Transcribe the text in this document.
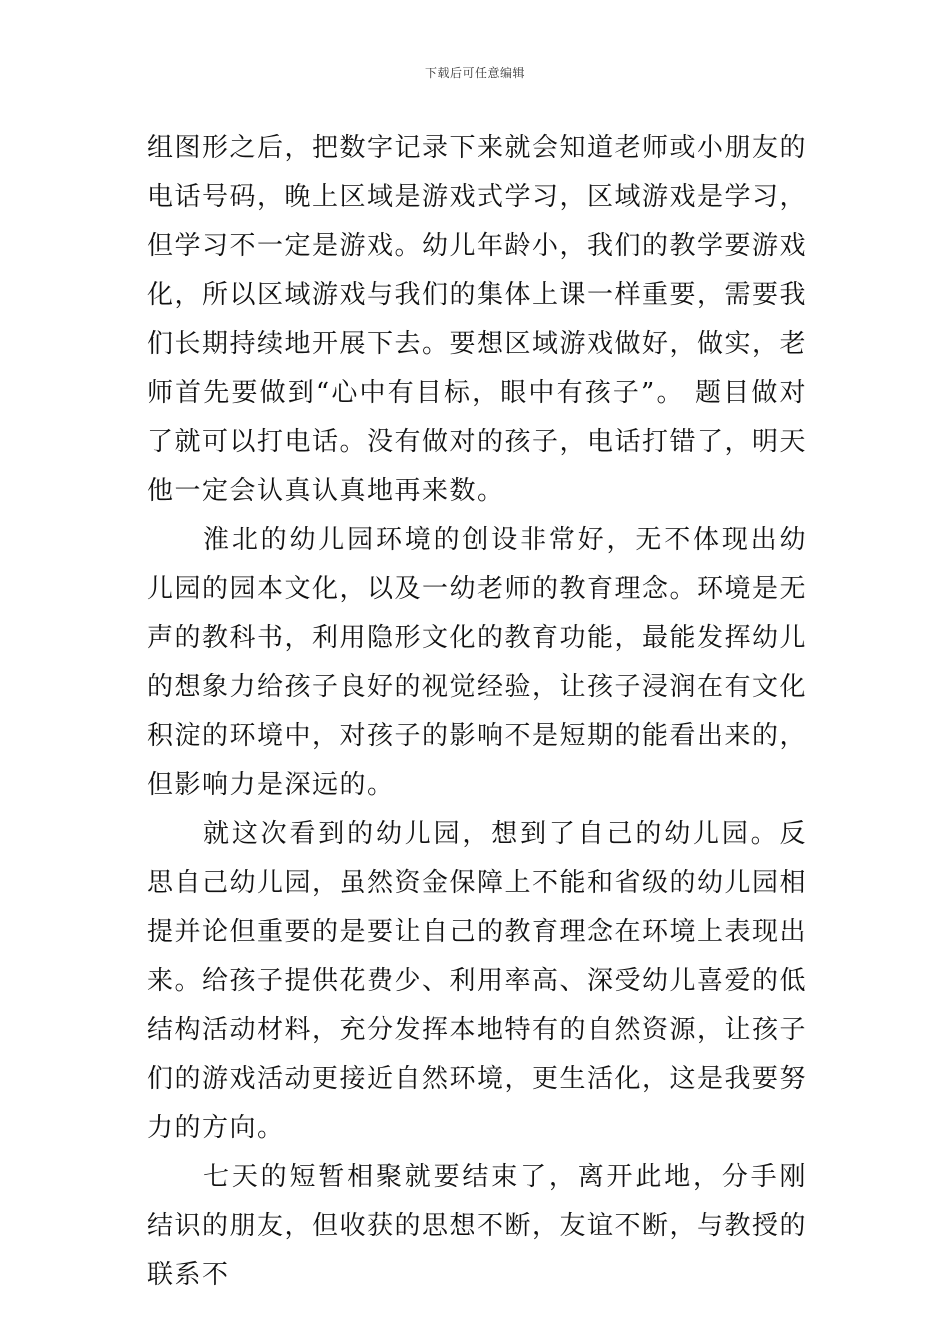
下载后可任意编辑

组图形之后，把数字记录下来就会知道老师或小朋友的电话号码，晚上区域是游戏式学习，区域游戏是学习，但学习不一定是游戏。幼儿年龄小，我们的教学要游戏化，所以区域游戏与我们的集体上课一样重要，需要我们长期持续地开展下去。要想区域游戏做好，做实，老师首先要做到“心中有目标，眼中有孩子”。 题目做对了就可以打电话。没有做对的孩子，电话打错了，明天他一定会认真认真地再来数。

淮北的幼儿园环境的创设非常好，无不体现出幼儿园的园本文化，以及一幼老师的教育理念。环境是无声的教科书，利用隐形文化的教育功能，最能发挥幼儿的想象力给孩子良好的视觉经验，让孩子浸润在有文化积淀的环境中，对孩子的影响不是短期的能看出来的，但影响力是深远的。

就这次看到的幼儿园，想到了自己的幼儿园。反思自己幼儿园，虽然资金保障上不能和省级的幼儿园相提并论但重要的是要让自己的教育理念在环境上表现出来。给孩子提供花费少、利用率高、深受幼儿喜爱的低结构活动材料，充分发挥本地特有的自然资源，让孩子们的游戏活动更接近自然环境，更生活化，这是我要努力的方向。

七天的短暂相聚就要结束了，离开此地，分手刚结识的朋友，但收获的思想不断，友谊不断，与教授的联系不
